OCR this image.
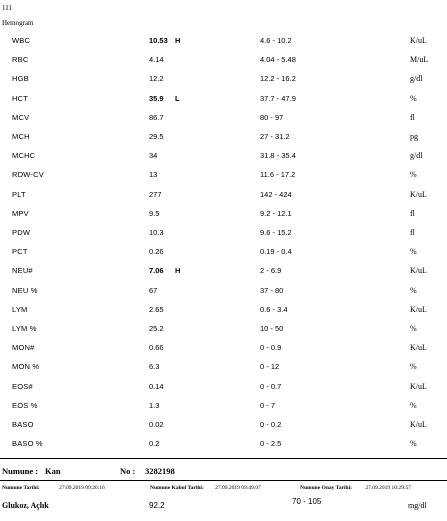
111
Hemogram
WBC	10.53 H	4.6 - 10.2	K/uL
RBC	4.14	4.04 - 5.48	M/uL
HGB	12.2	12.2 - 16.2	g/dl
HCT	35.9 L	37.7 - 47.9	%
MCV	86.7	80 - 97	fl
MCH	29.5	27 - 31.2	pg
MCHC	34	31.8 - 35.4	g/dl
RDW-CV	13	11.6 - 17.2	%
PLT	277	142 - 424	K/uL
MPV	9.5	9.2 - 12.1	fl
PDW	10.3	9.6 - 15.2	fl
PCT	0.26	0.19 - 0.4	%
NEU#	7.06 H	2 - 6.9	K/uL
NEU %	67	37 - 80	%
LYM	2.65	0.6 - 3.4	K/uL
LYM %	25.2	10 - 50	%
MON#	0.66	0 - 0.9	K/uL
MON %	6.3	0 - 12	%
EOS#	0.14	0 - 0.7	K/uL
EOS %	1.3	0 - 7	%
BASO	0.02	0 - 0.2	K/uL
BASO %	0.2	0 - 2.5	%
Numune : Kan	No : 3282198
Numune Tarihi:	27.09.2019 09:26:16	Numune Kabul Tarihi: 27.09.2019 09:49:07	Numune Onay Tarihi: 27.09.2019 10:29:57
Glukoz, Açlık	92.2	70 - 105	mg/dl
